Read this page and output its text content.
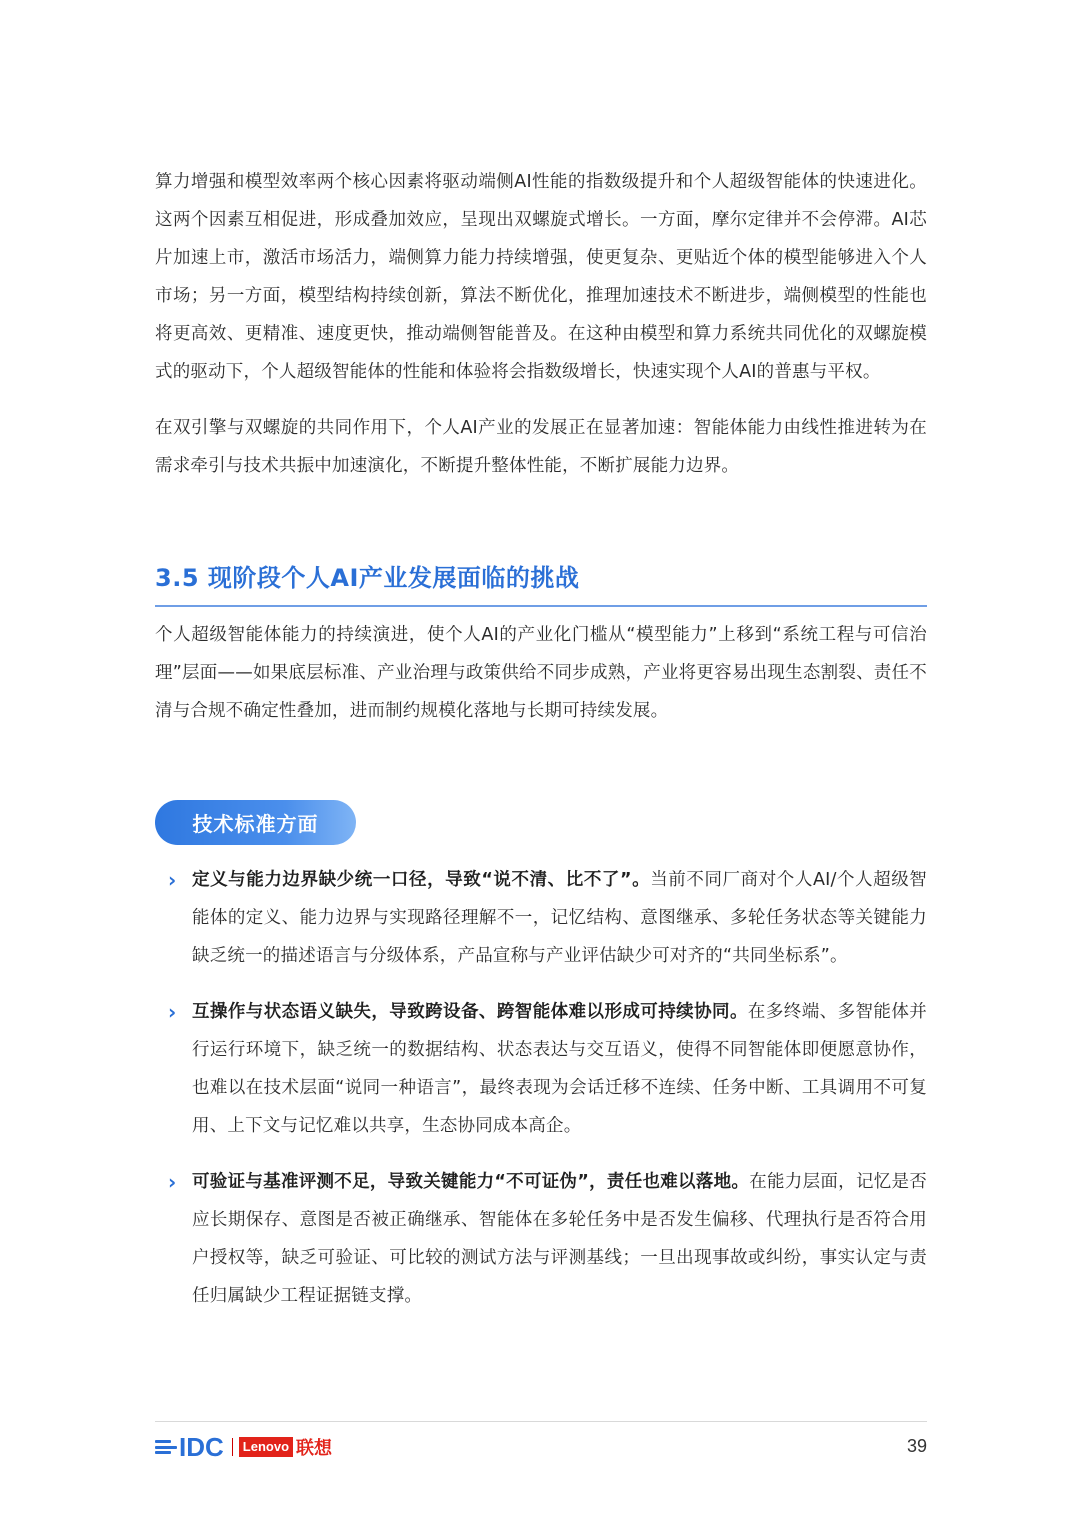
算力增强和模型效率两个核心因素将驱动端侧AI性能的指数级提升和个人超级智能体的快速进化。这两个因素互相促进，形成叠加效应，呈现出双螺旋式增长。一方面，摩尔定律并不会停滞。AI芯片加速上市，激活市场活力，端侧算力能力持续增强，使更复杂、更贴近个体的模型能够进入个人市场；另一方面，模型结构持续创新，算法不断优化，推理加速技术不断进步，端侧模型的性能也将更高效、更精准、速度更快，推动端侧智能普及。在这种由模型和算力系统共同优化的双螺旋模式的驱动下，个人超级智能体的性能和体验将会指数级增长，快速实现个人AI的普惠与平权。

在双引擎与双螺旋的共同作用下，个人AI产业的发展正在显著加速：智能体能力由线性推进转为在需求牵引与技术共振中加速演化，不断提升整体性能，不断扩展能力边界。

3.5 现阶段个人AI产业发展面临的挑战

个人超级智能体能力的持续演进，使个人AI的产业化门槛从“模型能力”上移到“系统工程与可信治理”层面——如果底层标准、产业治理与政策供给不同步成熟，产业将更容易出现生态割裂、责任不清与合规不确定性叠加，进而制约规模化落地与长期可持续发展。

技术标准方面
› 定义与能力边界缺少统一口径，导致“说不清、比不了”。当前不同厂商对个人AI/个人超级智能体的定义、能力边界与实现路径理解不一，记忆结构、意图继承、多轮任务状态等关键能力缺乏统一的描述语言与分级体系，产品宣称与产业评估缺少可对齐的“共同坐标系”。

› 互操作与状态语义缺失，导致跨设备、跨智能体难以形成可持续协同。在多终端、多智能体并行运行环境下，缺乏统一的数据结构、状态表达与交互语义，使得不同智能体即便愿意协作，也难以在技术层面“说同一种语言”，最终表现为会话迁移不连续、任务中断、工具调用不可复用、上下文与记忆难以共享，生态协同成本高企。

› 可验证与基准评测不足，导致关键能力“不可证伪”，责任也难以落地。在能力层面，记忆是否应长期保存、意图是否被正确继承、智能体在多轮任务中是否发生偏移、代理执行是否符合用户授权等，缺乏可验证、可比较的测试方法与评测基线；一旦出现事故或纠纷，事实认定与责任归属缺少工程证据链支撑。

IDC	Lenovo 联想	39
